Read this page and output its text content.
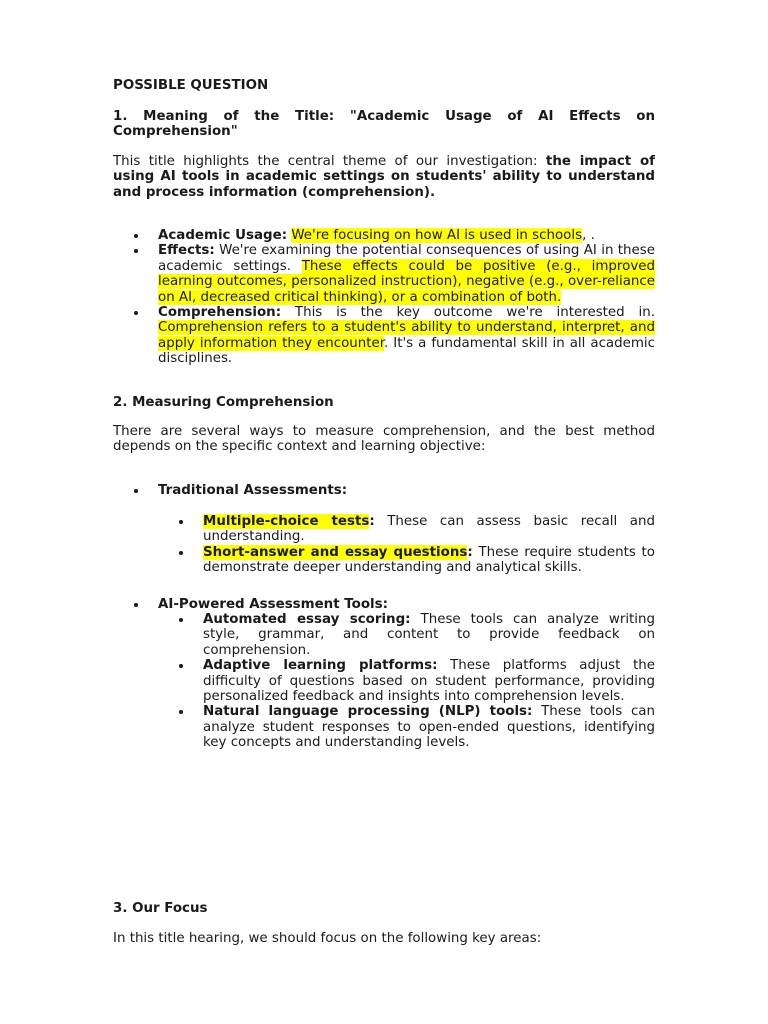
POSSIBLE QUESTION

1. Meaning of the Title: "Academic Usage of AI Effects on Comprehension"

This title highlights the central theme of our investigation: the impact of using AI tools in academic settings on students' ability to understand and process information (comprehension).

Academic Usage: We're focusing on how AI is used in schools, .
Effects: We're examining the potential consequences of using AI in these academic settings. These effects could be positive (e.g., improved learning outcomes, personalized instruction), negative (e.g., over-reliance on AI, decreased critical thinking), or a combination of both.
Comprehension: This is the key outcome we're interested in. Comprehension refers to a student's ability to understand, interpret, and apply information they encounter. It's a fundamental skill in all academic disciplines.

2. Measuring Comprehension

There are several ways to measure comprehension, and the best method depends on the specific context and learning objective:

Traditional Assessments:
Multiple-choice tests: These can assess basic recall and understanding.
Short-answer and essay questions: These require students to demonstrate deeper understanding and analytical skills.
AI-Powered Assessment Tools:
Automated essay scoring: These tools can analyze writing style, grammar, and content to provide feedback on comprehension.
Adaptive learning platforms: These platforms adjust the difficulty of questions based on student performance, providing personalized feedback and insights into comprehension levels.
Natural language processing (NLP) tools: These tools can analyze student responses to open-ended questions, identifying key concepts and understanding levels.

3. Our Focus

In this title hearing, we should focus on the following key areas:
